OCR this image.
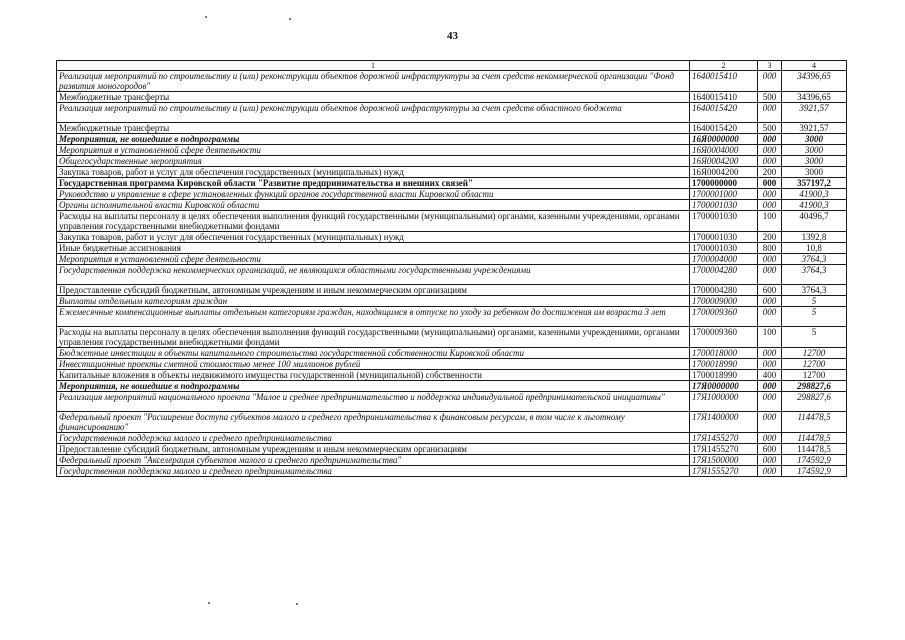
43
1	2	3	4
Реализация мероприятий по строительству и (или) реконструкции объектов дорожной инфраструктуры за счет средств некоммерческой организации "Фонд развития моногородов"	1640015410	000	34396,65
Межбюджетные трансферты	1640015410	500	34396,65
Реализация мероприятий по строительству и (или) реконструкции объектов дорожной инфраструктуры за счет средств областного бюджета	1640015420	000	3921,57
Межбюджетные трансферты	1640015420	500	3921,57
Мероприятия, не вошедшие в подпрограммы	16Я0000000	000	3000
Мероприятия в установленной сфере деятельности	16Я0004000	000	3000
Общегосударственные мероприятия	16Я0004200	000	3000
Закупка товаров, работ и услуг для обеспечения государственных (муниципальных) нужд	16Я0004200	200	3000
Государственная программа Кировской области "Развитие предпринимательства и внешних связей"	1700000000	000	357197,2
Руководство и управление в сфере установленных функций органов государственной власти Кировской области	1700001000	000	41900,3
Органы исполнительной власти Кировской области	1700001030	000	41900,3
Расходы на выплаты персоналу в целях обеспечения выполнения функций государственными (муниципальными) органами, казенными учреждениями, органами управления государственными внебюджетными фондами	1700001030	100	40496,7
Закупка товаров, работ и услуг для обеспечения государственных (муниципальных) нужд	1700001030	200	1392,8
Иные бюджетные ассигнования	1700001030	800	10,8
Мероприятия в установленной сфере деятельности	1700004000	000	3764,3
Государственная поддержка некоммерческих организаций, не являющихся областными государственными учреждениями	1700004280	000	3764,3
Предоставление субсидий бюджетным, автономным учреждениям и иным некоммерческим организациям	1700004280	600	3764,3
Выплаты отдельным категориям граждан	1700009000	000	5
Ежемесячные компенсационные выплаты отдельным категориям граждан, находящимся в отпуске по уходу за ребенком до достижения им возраста 3 лет	1700009360	000	5
Расходы на выплаты персоналу в целях обеспечения выполнения функций государственными (муниципальными) органами, казенными учреждениями, органами управления государственными внебюджетными фондами	1700009360	100	5
Бюджетные инвестиции в объекты капитального строительства государственной собственности Кировской области	1700018000	000	12700
Инвестиционные проекты сметной стоимостью менее 100 миллионов рублей	1700018990	000	12700
Капитальные вложения в объекты недвижимого имущества государственной (муниципальной) собственности	1700018990	400	12700
Мероприятия, не вошедшие в подпрограммы	17Я0000000	000	298827,6
Реализация мероприятий национального проекта "Малое и среднее предпринимательство и поддержка индивидуальной предпринимательской инициативы"	17Я1000000	000	298827,6
Федеральный проект "Расширение доступа субъектов малого и среднего предпринимательства к финансовым ресурсам, в том числе к льготному финансированию"	17Я1400000	000	114478,5
Государственная поддержка малого и среднего предпринимательства	17Я1455270	000	114478,5
Предоставление субсидий бюджетным, автономным учреждениям и иным некоммерческим организациям	17Я1455270	600	114478,5
Федеральный проект "Акселерация субъектов малого и среднего предпринимательства"	17Я1500000	000	174592,9
Государственная поддержка малого и среднего предпринимательства	17Я1555270	000	174592,9
